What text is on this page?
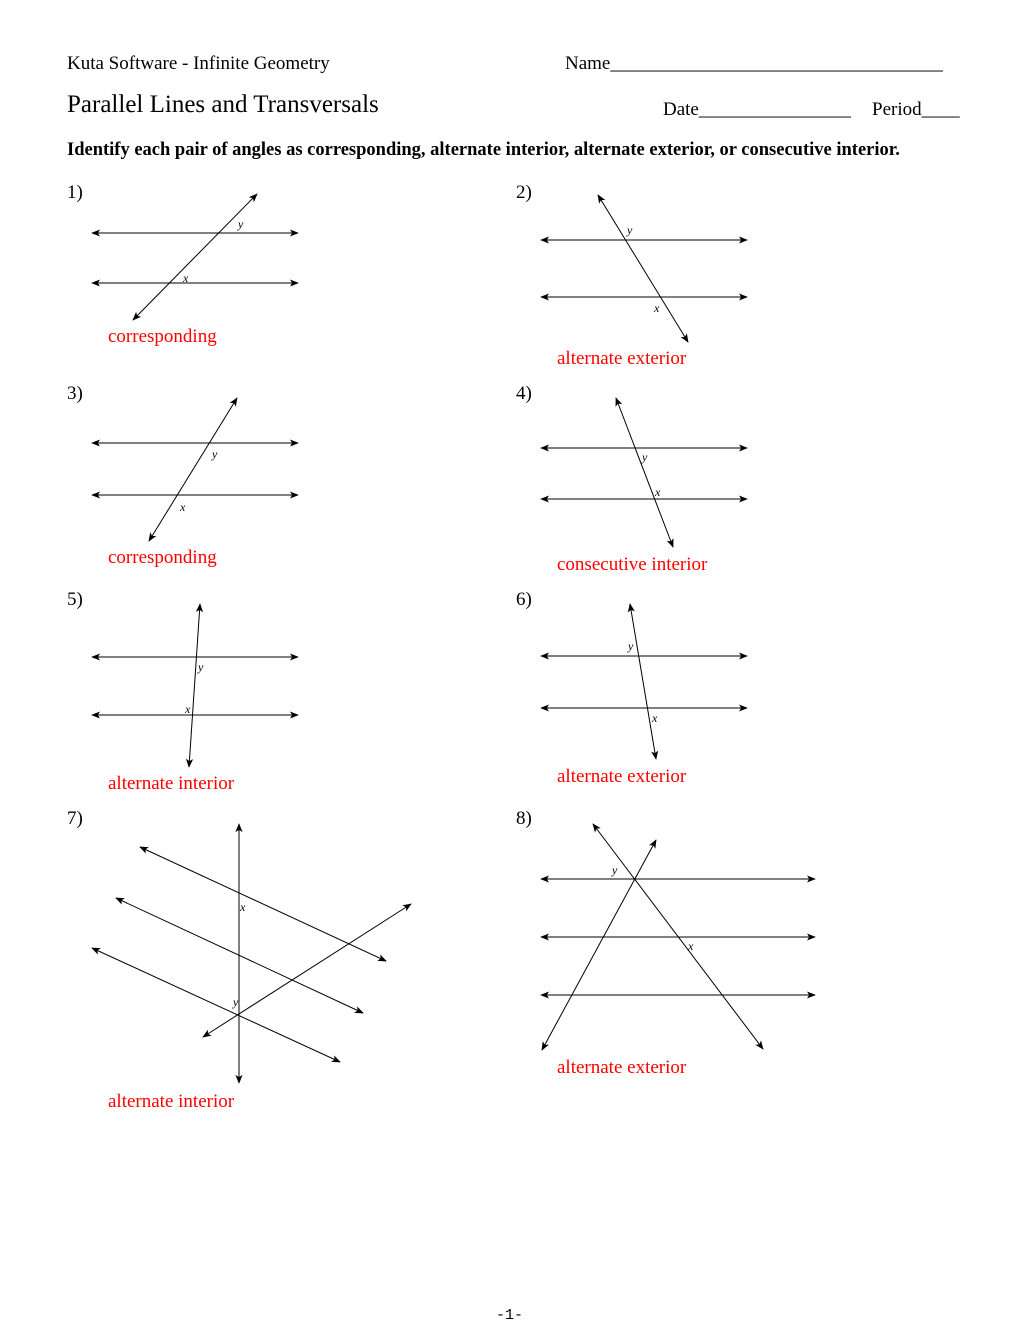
Kuta Software - Infinite Geometry	Name___________________________________
Parallel Lines and Transversals	Date________________ Period____
Identify each pair of angles as corresponding, alternate interior, alternate exterior, or consecutive interior.
1)	2)
3)	4)
5)	6)
7)	8)
corresponding
alternate exterior
corresponding	consecutive interior
alternate interior	alternate exterior
alternate interior
alternate exterior
y
x
y
x
y
x
y
x
y
x
y
x
x
y
y
x
-1-
